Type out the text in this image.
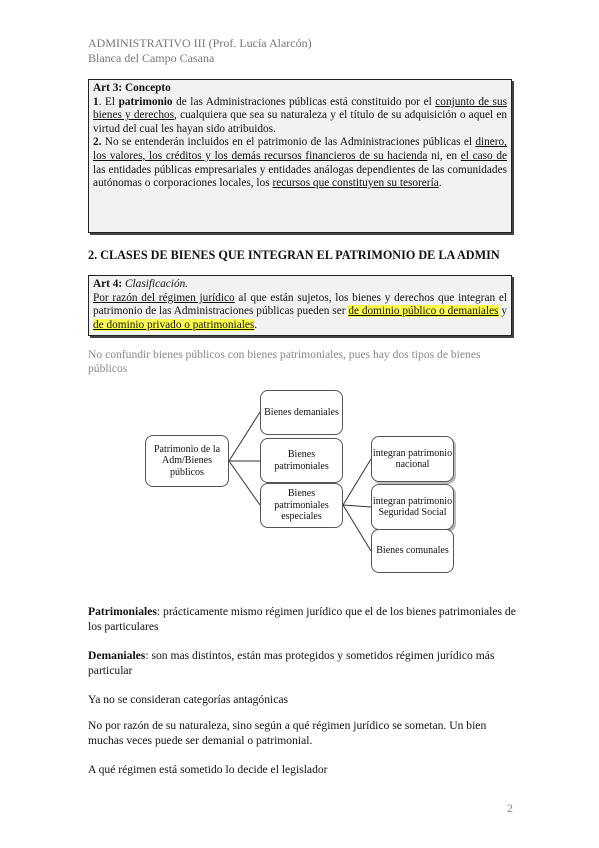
ADMINISTRATIVO III (Prof. Lucía Alarcón)
Blanca del Campo Casana
Art 3: Concepto
1. El patrimonio de las Administraciones públicas está constituido por el conjunto de sus bienes y derechos, cualquiera que sea su naturaleza y el título de su adquisición o aquel en virtud del cual les hayan sido atribuidos.
2. No se entenderán incluidos en el patrimonio de las Administraciones públicas el dinero, los valores, los créditos y los demás recursos financieros de su hacienda ni, en el caso de las entidades públicas empresariales y entidades análogas dependientes de las comunidades autónomas o corporaciones locales, los recursos que constituyen su tesorería.
2. CLASES DE BIENES QUE INTEGRAN EL PATRIMONIO DE LA ADMIN
Art 4: Clasificación.
Por razón del régimen jurídico al que están sujetos, los bienes y derechos que integran el patrimonio de las Administraciones públicas pueden ser de dominio público o demaniales y de dominio privado o patrimoniales.
No confundir bienes públicos con bienes patrimoniales, pues hay dos tipos de bienes públicos
Patrimonio de la Adm/Bienes públicos
Bienes demaniales
Bienes patrimoniales
Bienes patrimoniales especiales
integran patrimonio nacional
integran patrimonio Seguridad Social
Bienes comunales
Patrimoniales: prácticamente mismo régimen jurídico que el de los bienes patrimoniales de los particulares
Demaniales: son mas distintos, están mas protegidos y sometidos régimen jurídico más particular
Ya no se consideran categorías antagónicas
No por razón de su naturaleza, sino según a qué régimen jurídico se sometan. Un bien muchas veces puede ser demanial o patrimonial.
A qué régimen está sometido lo decide el legislador
2
